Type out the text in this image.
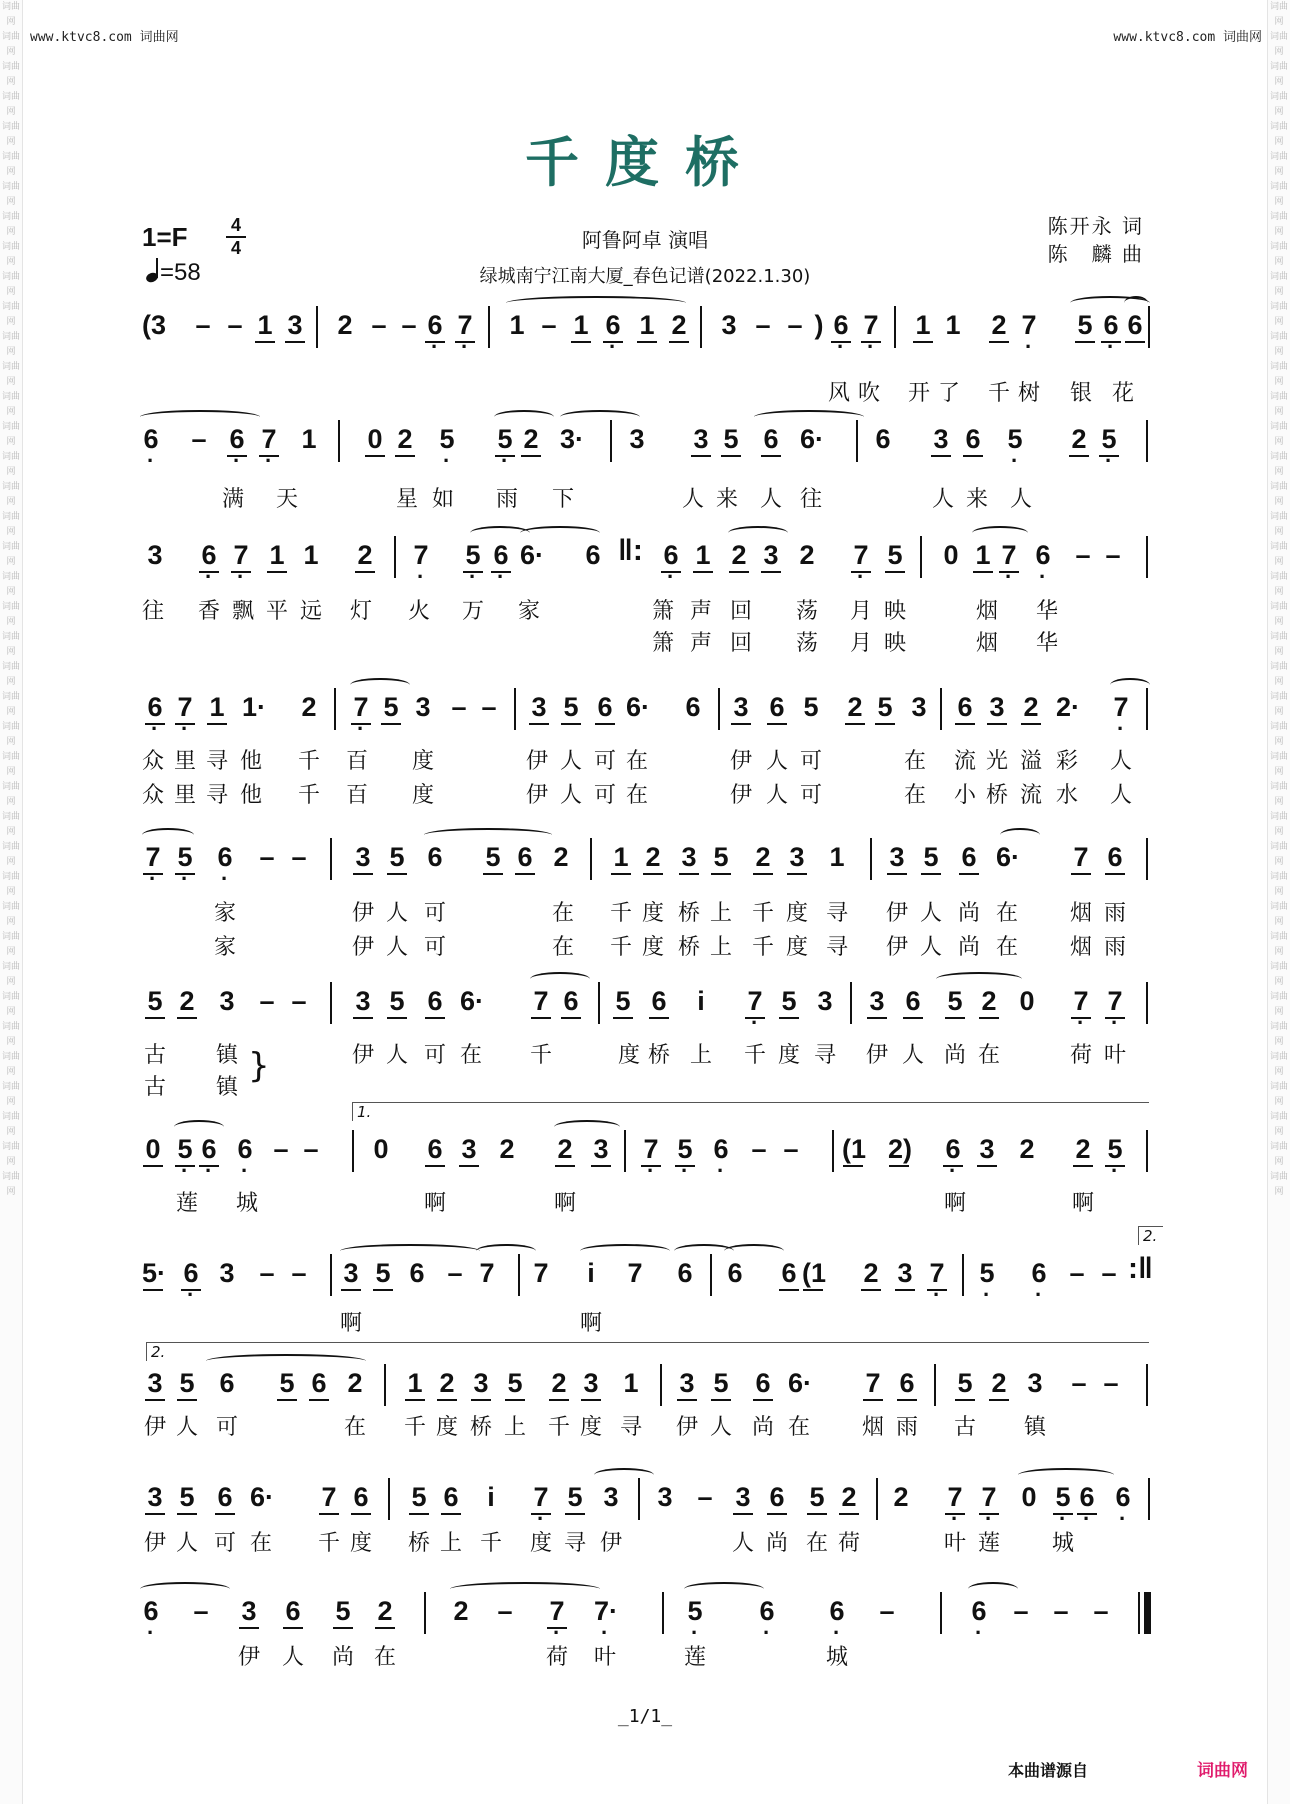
词曲网
词曲网
词曲网
词曲网
词曲网
词曲网
词曲网
词曲网
词曲网
词曲网
词曲网
词曲网
词曲网
词曲网
词曲网
词曲网
词曲网
词曲网
词曲网
词曲网
词曲网
词曲网
词曲网
词曲网
词曲网
词曲网
词曲网
词曲网
词曲网
词曲网
词曲网
词曲网
词曲网
词曲网
词曲网
词曲网
词曲网
词曲网
词曲网
词曲网

词曲网
词曲网
词曲网
词曲网
词曲网
词曲网
词曲网
词曲网
词曲网
词曲网
词曲网
词曲网
词曲网
词曲网
词曲网
词曲网
词曲网
词曲网
词曲网
词曲网
词曲网
词曲网
词曲网
词曲网
词曲网
词曲网
词曲网
词曲网
词曲网
词曲网
词曲网
词曲网
词曲网
词曲网
词曲网
词曲网
词曲网
词曲网
词曲网
词曲网

www.ktvc8.com 词曲网	www.ktvc8.com 词曲网
千度桥
1=F 4
4
=58
阿鲁阿卓 演唱
绿城南宁江南大厦_春色记谱(2022.1.30)
陈开永 词
陈　麟 曲
(3 – – 1 3 2 – – · 6 · 7 1 – 1 · 6 1 2 3 – – ) · 6 · 7 1 1 2 · 7 5 · 6 6
· 6 – · 6 · 7 1 0 2 · 5 · 5 2 3· 3 3 5 6 6· 6 3 6 · 5 2 · 5
3 · 6 · 7 1 1 2 · 7 · 5 · 6 6· 6 ‖: · 6 1 2 3 2 · 7 5 0 1 · 7 · 6 – –
· 6 · 7 1 1· 2 · 7 5 3 – – 3 5 6 6· 6 3 6 5 2 5 3 6 3 2 2· · 7
· 7 · 5 · 6 – – 3 5 6 5 6 2 1 2 3 5 2 3 1 3 5 6 6· 7 6
5 2 3 – – 3 5 6 6· 7 6 5 6 i · 7 5 3 3 6 5 2 0 · 7 · 7
0 · 5 · 6 · 6 – – 0 6 3 2 2 3 · 7 · 5 · 6 – – (1 2) · 6 3 2 2 · 5
5· · 6 3 – – 3 5 6 – 7 7 i 7 6 6 6 (1 2 3 · 7 · 5 · 6 – – :‖
3 5 6 5 6 2 1 2 3 5 2 3 1 3 5 6 6· 7 6 5 2 3 – –
3 5 6 6· 7 6 5 6 i · 7 5 3 3 – 3 6 5 2 2 · 7 · 7 0 · 5 · 6 · 6
· 6 – 3 6 5 2 2 – · 7 · 7·	· 5 · 6 · 6 –	· 6 – – –
风 吹 开 了 千 树 银 花
满 天	星 如 雨 下	人 来 人 往	人 来 人
往 香 飘 平 远 灯 火 万 家	箫 声 回 荡 月 映	烟 华
箫 声 回 荡 月 映	烟 华
众 里 寻 他 千 百 度	伊 人 可 在	伊 人 可	在 流 光 溢 彩 人
众 里 寻 他 千 百 度	伊 人 可 在	伊 人 可	在 小 桥 流 水 人
家	伊 人 可	在 千 度 桥 上 千 度 寻 伊 人 尚 在 烟 雨
家	伊 人 可	在 千 度 桥 上 千 度 寻 伊 人 尚 在 烟 雨
古 镇	伊 人 可 在 千	度 桥 上 千 度 寻 伊 人 尚 在	荷 叶
古 镇
莲 城	啊	啊	啊	啊
啊	啊
伊 人 可	在 千 度 桥 上 千 度 寻 伊 人 尚 在 烟 雨 古 镇
伊 人 可 在 千 度 桥 上 千 度 寻 伊	人 尚 在 荷	叶 莲 城
伊 人 尚 在	荷 叶	莲	城
}
1.
2.
2.
_1/1_
本曲谱源自	词曲网
